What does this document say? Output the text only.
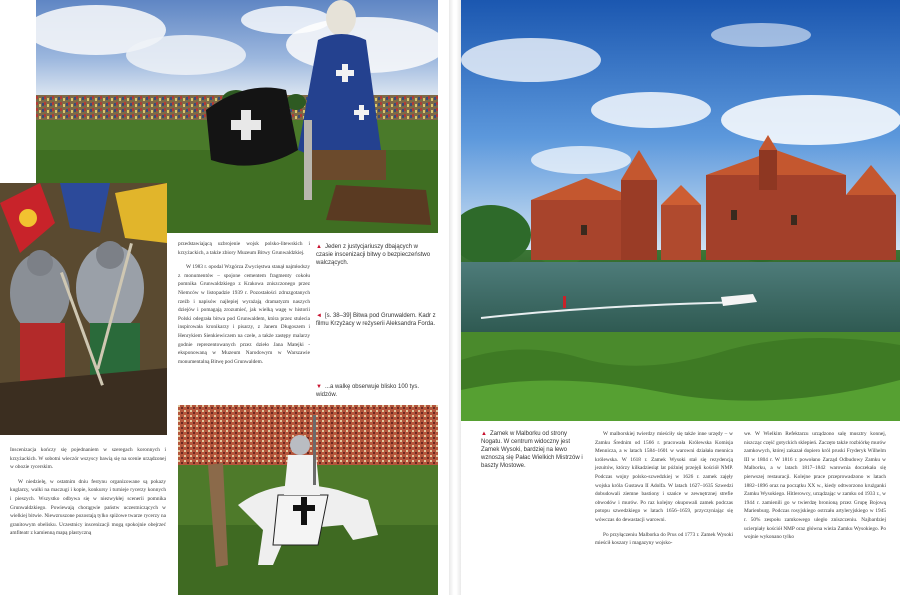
▲ Jeden z justycjariuszy dbających w czasie inscenizacji bitwy o bezpieczeństwo walczących.
◄ [s. 38–39] Bitwa pod Grunwaldem. Kadr z filmu Krzyżacy w reżyserii Aleksandra Forda.
▼ ...a walkę obserwuje blisko 100 tys. widzów.

przedstawiającą uzbrojenie wojsk polsko-litewskich i krzyżackich, a także zbiory Muzeum Bitwy Grunwaldzkiej.

W 1983 r. opodal Wzgórza Zwycięstwa stanął najmłodszy z monumentów – spojone cementem fragmenty cokołu pomnika Grunwaldzkiego z Krakowa zniszczonego przez Niemców w listopadzie 1939 r. Pozostałości zdruzgotanych rzeźb i napisów najlepiej wyrażają dramatyzm naszych dziejów i pomagają zrozumieć, jak wielką wagę w historii Polski odegrała bitwa pod Grunwaldem, która przez stulecia inspirowała kronikarzy i pisarzy, z Janem Długoszem i Henrykiem Sienkiewiczem na czele, a także zastępy malarzy godnie reprezentowanych przez dzieło Jana Matejki - eksponowaną w Muzeum Narodowym w Warszawie monumentalną Bitwę pod Grunwaldem.

Inscenizacja kończy się pojednaniem w szeregach koronnych i krzyżackich. W sobotni wieczór wszyscy bawią się na scenie urządzonej w obozie rycerskim.

W niedzielę, w ostatnim dniu festynu organizowane są pokazy kuglarzy, walki na maczugi i kopie, konkursy i turnieje rycerzy konnych i pieszych. Wszystko odbywa się w niezwykłej scenerii pomnika Grunwaldzkiego. Powiewają chorągwie państw uczestniczących w wielkiej bitwie. Niewzruszone pozostają tylko spiżowe twarze rycerzy na granitowym obelisku. Uczestnicy inscenizacji mogą spokojnie obejrzeć amfiteatr z kamienną mapą plastyczną

▲ Zamek w Malborku od strony Nogatu. W centrum widoczny jest Zamek Wysoki, bardziej na lewo wznoszą się Pałac Wielkich Mistrzów i baszty Mostowe.

W malborskiej twierdzy mieściły się także inne urzędy – w Zamku Średnim od 1566 r. pracowała Królewska Komisja Mennicza, a w latach 1584–1601 w warowni działała mennica królewska. W 1618 r. Zamek Wysoki stał się rezydencją jezuitów, którzy kilkadziesiąt lat później przejęli kościół NMP. Podczas wojny polsko-szwedzkiej w 1626 r. zamek zajęły wojska króla Gustawa II Adolfa. W latach 1627–1635 Szwedzi dobudowali ziemne bastiony i szańce w zewnętrznej strefie obwodów i murów. Po raz kolejny okupowali zamek podczas potopu szwedzkiego w latach 1656–1659, przyczyniając się wówczas do dewastacji warowni.

Po przyłączeniu Malborka do Prus od 1773 r. Zamek Wysoki mieścił koszary i magazyny wojsko-

we. W Wielkim Refektarzu urządzono salę musztry konnej, niszcząc część gotyckich sklepień. Zaczęto także rozbiórkę murów zamkowych, której zakazał dopiero król pruski Fryderyk Wilhelm III w 1804 r. W 1816 r. powołano Zarząd Odbudowy Zamku w Malborku, a w latach 1817–1842 warownia doczekała się pierwszej restauracji. Kolejne prace przeprowadzono w latach 1882–1896 oraz na początku XX w., kiedy odtworzono krużganki Zamku Wysokiego. Hitlerowcy, urządzając w zamku od 1933 r., w 1944 r. zamienili go w twierdzę bronioną przez Grupę Bojową Marienburg. Podczas rosyjskiego ostrzału artyleryjskiego w 1945 r. 50% zespołu zamkowego uległo zniszczeniu. Najbardziej ucierpiały kościół NMP oraz główna wieża Zamku Wysokiego. Po wojnie wykonano tylko
